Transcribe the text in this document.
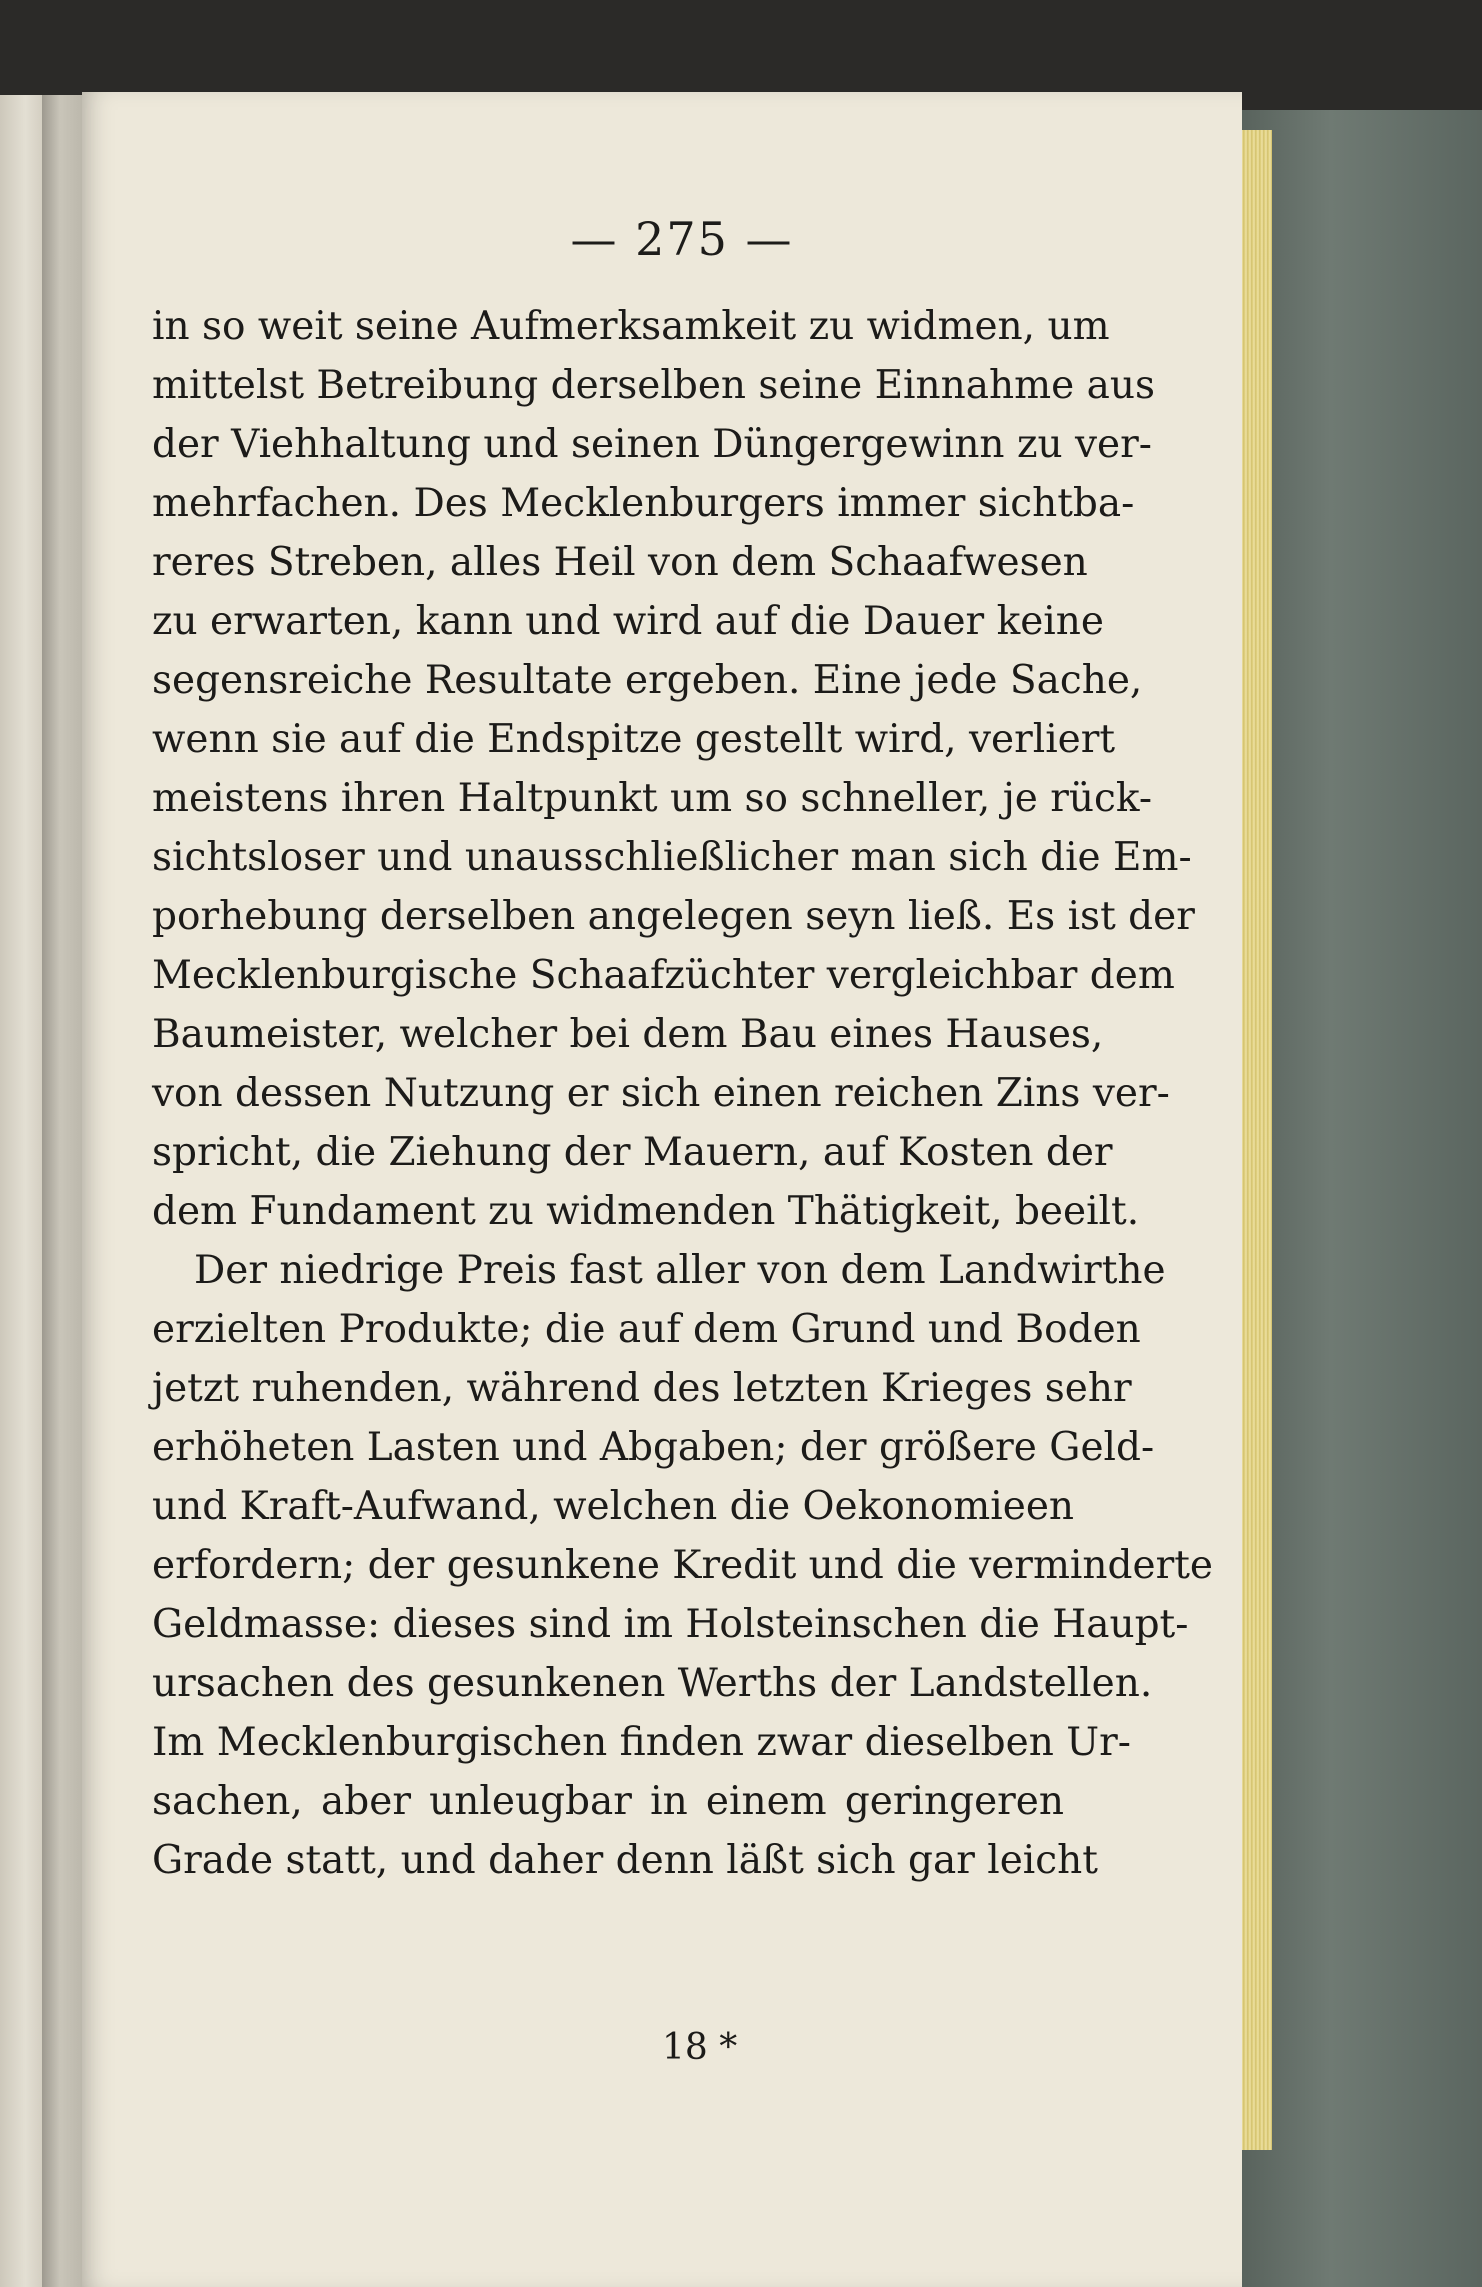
— 275 —
in so weit seine Aufmerksamkeit zu widmen, um
mittelst Betreibung derselben seine Einnahme aus
der Viehhaltung und seinen Düngergewinn zu ver-
mehrfachen. Des Mecklenburgers immer sichtba-
reres Streben, alles Heil von dem Schaafwesen
zu erwarten, kann und wird auf die Dauer keine
segensreiche Resultate ergeben. Eine jede Sache,
wenn sie auf die Endspitze gestellt wird, verliert
meistens ihren Haltpunkt um so schneller, je rück-
sichtsloser und unausschließlicher man sich die Em-
porhebung derselben angelegen seyn ließ. Es ist der
Mecklenburgische Schaafzüchter vergleichbar dem
Baumeister, welcher bei dem Bau eines Hauses,
von dessen Nutzung er sich einen reichen Zins ver-
spricht, die Ziehung der Mauern, auf Kosten der
dem Fundament zu widmenden Thätigkeit, beeilt.
Der niedrige Preis fast aller von dem Landwirthe
erzielten Produkte; die auf dem Grund und Boden
jetzt ruhenden, während des letzten Krieges sehr
erhöheten Lasten und Abgaben; der größere Geld-
und Kraft-Aufwand, welchen die Oekonomieen
erfordern; der gesunkene Kredit und die verminderte
Geldmasse: dieses sind im Holsteinschen die Haupt-
ursachen des gesunkenen Werths der Landstellen.
Im Mecklenburgischen finden zwar dieselben Ur-
sachen, aber unleugbar in einem geringeren
Grade statt, und daher denn läßt sich gar leicht
18 *
